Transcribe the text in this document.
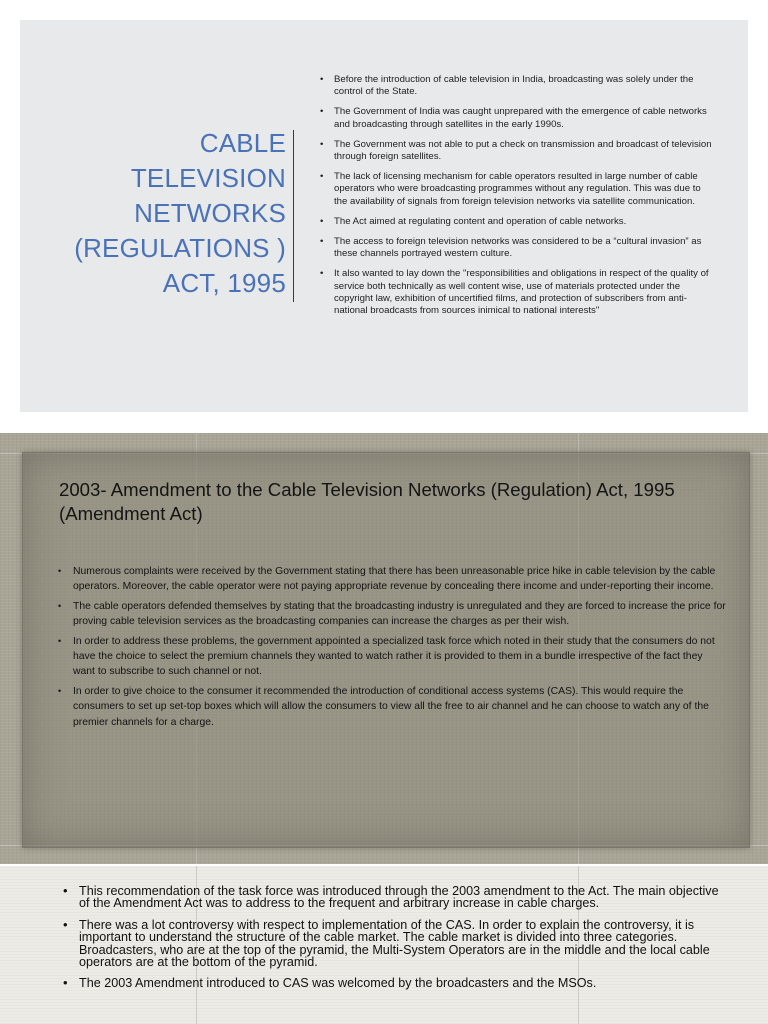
CABLE TELEVISION NETWORKS (REGULATIONS ) ACT, 1995
• Before the introduction of cable television in India, broadcasting was solely under the control of the State.
• The Government of India was caught unprepared with the emergence of cable networks and broadcasting through satellites in the early 1990s.
• The Government was not able to put a check on transmission and broadcast of television through foreign satellites.
• The lack of licensing mechanism for cable operators resulted in large number of cable operators who were broadcasting programmes without any regulation. This was due to the availability of signals from foreign television networks via satellite communication.
• The Act aimed at regulating content and operation of cable networks.
• The access to foreign television networks was considered to be a “cultural invasion” as these channels portrayed western culture.
• It also wanted to lay down the "responsibilities and obligations in respect of the quality of service both technically as well content wise, use of materials protected under the copyright law, exhibition of uncertified films, and protection of subscribers from anti-national broadcasts from sources inimical to national interests"
2003- Amendment to the Cable Television Networks (Regulation) Act, 1995 (Amendment Act)
• Numerous complaints were received by the Government stating that there has been unreasonable price hike in cable television by the cable operators. Moreover, the cable operator were not paying appropriate revenue by concealing there income and under-reporting their income.
• The cable operators defended themselves by stating that the broadcasting industry is unregulated and they are forced to increase the price for proving cable television services as the broadcasting companies can increase the charges as per their wish.
• In order to address these problems, the government appointed a specialized task force which noted in their study that the consumers do not have the choice to select the premium channels they wanted to watch rather it is provided to them in a bundle irrespective of the fact they want to subscribe to such channel or not.
• In order to give choice to the consumer it recommended the introduction of conditional access systems (CAS). This would require the consumers to set up set-top boxes which will allow the consumers to view all the free to air channel and he can choose to watch any of the premier channels for a charge.
• This recommendation of the task force was introduced through the 2003 amendment to the Act. The main objective of the Amendment Act was to address to the frequent and arbitrary increase in cable charges.
• There was a lot controversy with respect to implementation of the CAS. In order to explain the controversy, it is important to understand the structure of the cable market. The cable market is divided into three categories. Broadcasters, who are at the top of the pyramid, the Multi-System Operators are in the middle and the local cable operators are at the bottom of the pyramid.
• The 2003 Amendment introduced to CAS was welcomed by the broadcasters and the MSOs.
